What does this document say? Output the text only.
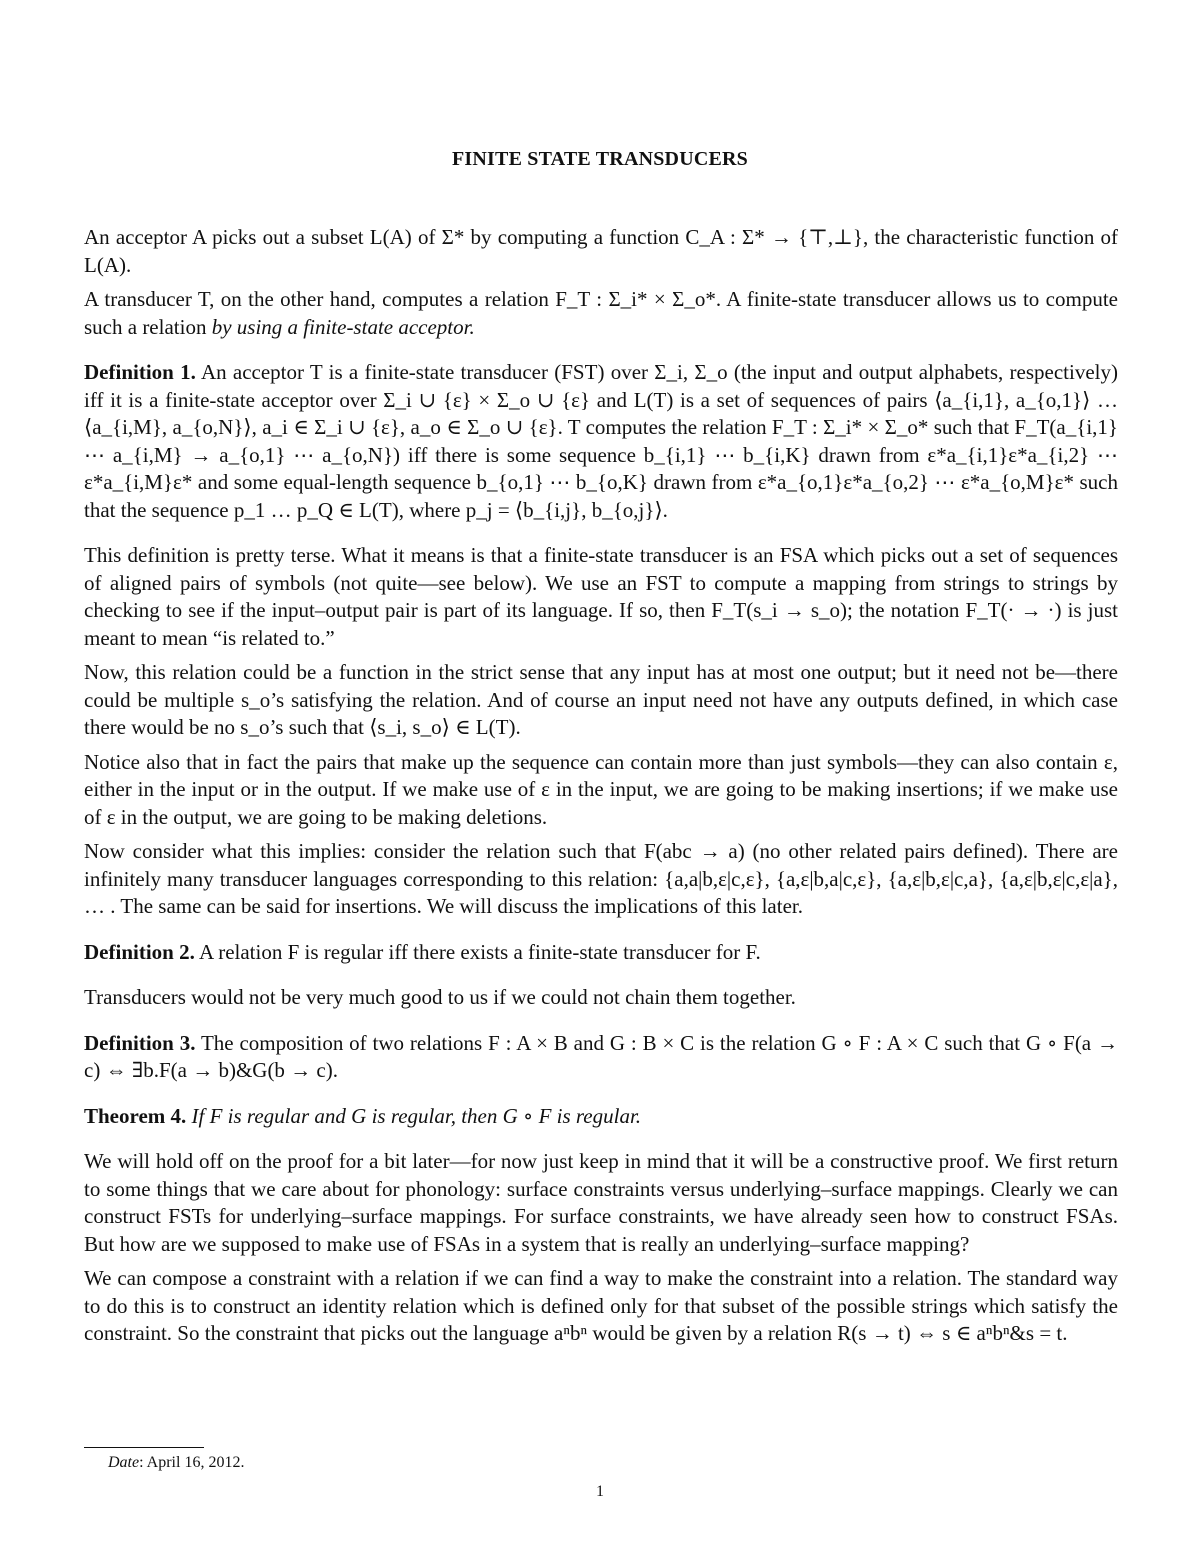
FINITE STATE TRANSDUCERS

An acceptor A picks out a subset L(A) of Σ* by computing a function C_A : Σ* → {⊤,⊥}, the characteristic function of L(A).

A transducer T, on the other hand, computes a relation F_T : Σ_i* × Σ_o*. A finite-state transducer allows us to compute such a relation by using a finite-state acceptor.

Definition 1. An acceptor T is a finite-state transducer (FST) over Σ_i, Σ_o (the input and output alphabets, respectively) iff it is a finite-state acceptor over Σ_i ∪ {ε} × Σ_o ∪ {ε} and L(T) is a set of sequences of pairs ⟨a_{i,1}, a_{o,1}⟩ … ⟨a_{i,M}, a_{o,N}⟩, a_i ∈ Σ_i ∪ {ε}, a_o ∈ Σ_o ∪ {ε}. T computes the relation F_T : Σ_i* × Σ_o* such that F_T(a_{i,1} ⋯ a_{i,M} → a_{o,1} ⋯ a_{o,N}) iff there is some sequence b_{i,1} ⋯ b_{i,K} drawn from ε*a_{i,1}ε*a_{i,2} ⋯ ε*a_{i,M}ε* and some equal-length sequence b_{o,1} ⋯ b_{o,K} drawn from ε*a_{o,1}ε*a_{o,2} ⋯ ε*a_{o,M}ε* such that the sequence p_1 … p_Q ∈ L(T), where p_j = ⟨b_{i,j}, b_{o,j}⟩.

This definition is pretty terse. What it means is that a finite-state transducer is an FSA which picks out a set of sequences of aligned pairs of symbols (not quite—see below). We use an FST to compute a mapping from strings to strings by checking to see if the input–output pair is part of its language. If so, then F_T(s_i → s_o); the notation F_T(· → ·) is just meant to mean “is related to.”

Now, this relation could be a function in the strict sense that any input has at most one output; but it need not be—there could be multiple s_o’s satisfying the relation. And of course an input need not have any outputs defined, in which case there would be no s_o’s such that ⟨s_i, s_o⟩ ∈ L(T).

Notice also that in fact the pairs that make up the sequence can contain more than just symbols—they can also contain ε, either in the input or in the output. If we make use of ε in the input, we are going to be making insertions; if we make use of ε in the output, we are going to be making deletions.

Now consider what this implies: consider the relation such that F(abc → a) (no other related pairs defined). There are infinitely many transducer languages corresponding to this relation: {a,a|b,ε|c,ε}, {a,ε|b,a|c,ε}, {a,ε|b,ε|c,a}, {a,ε|b,ε|c,ε|a}, … . The same can be said for insertions. We will discuss the implications of this later.

Definition 2. A relation F is regular iff there exists a finite-state transducer for F.

Transducers would not be very much good to us if we could not chain them together.

Definition 3. The composition of two relations F : A × B and G : B × C is the relation G ∘ F : A × C such that G ∘ F(a → c) ⇔ ∃b.F(a → b)&G(b → c).

Theorem 4. If F is regular and G is regular, then G ∘ F is regular.

We will hold off on the proof for a bit later—for now just keep in mind that it will be a constructive proof. We first return to some things that we care about for phonology: surface constraints versus underlying–surface mappings. Clearly we can construct FSTs for underlying–surface mappings. For surface constraints, we have already seen how to construct FSAs. But how are we supposed to make use of FSAs in a system that is really an underlying–surface mapping?

We can compose a constraint with a relation if we can find a way to make the constraint into a relation. The standard way to do this is to construct an identity relation which is defined only for that subset of the possible strings which satisfy the constraint. So the constraint that picks out the language aⁿbⁿ would be given by a relation R(s → t) ⇔ s ∈ aⁿbⁿ&s = t.

Date: April 16, 2012.
1
